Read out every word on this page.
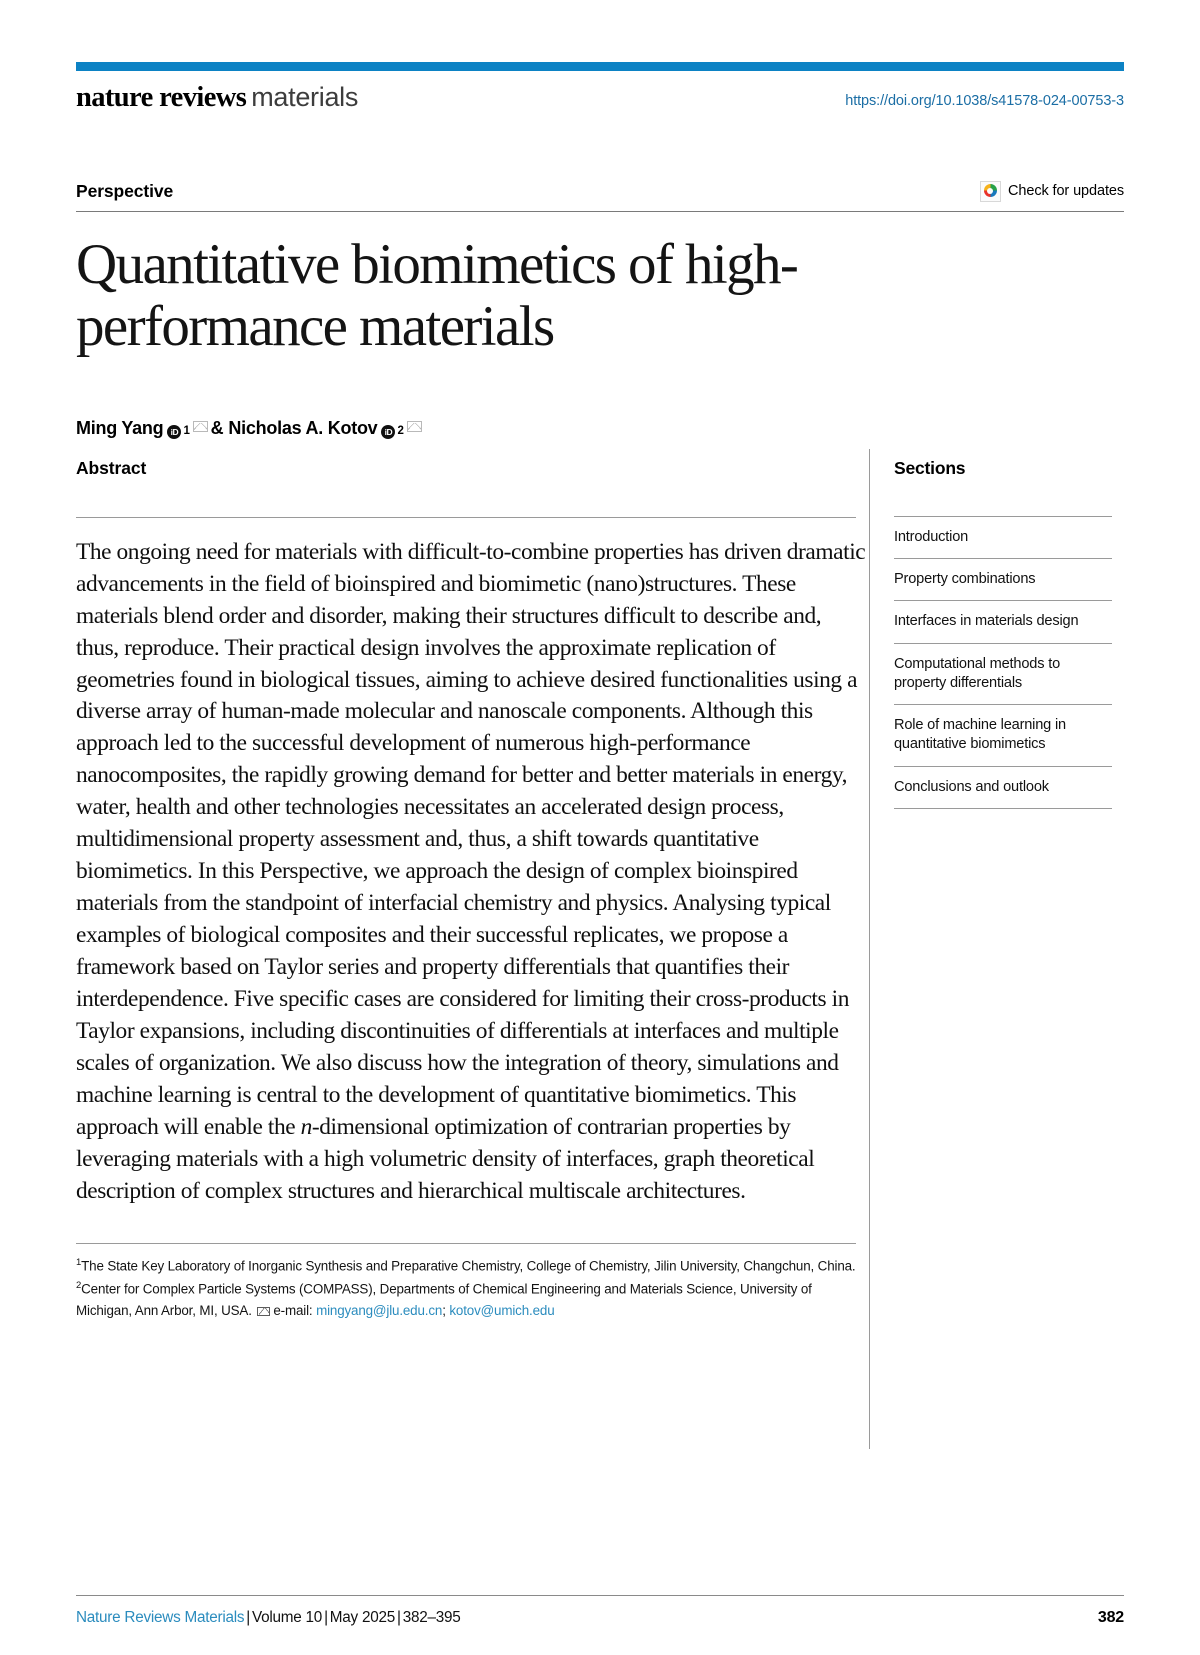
nature reviews materials	https://doi.org/10.1038/s41578-024-00753-3
Perspective	Check for updates
Quantitative biomimetics of high-performance materials
Ming Yang iD 1 & Nicholas A. Kotov iD 2
Abstract
The ongoing need for materials with difficult-to-combine properties has driven dramatic advancements in the field of bioinspired and biomimetic (nano)structures. These materials blend order and disorder, making their structures difficult to describe and, thus, reproduce. Their practical design involves the approximate replication of geometries found in biological tissues, aiming to achieve desired functionalities using a diverse array of human-made molecular and nanoscale components. Although this approach led to the successful development of numerous high-performance nanocomposites, the rapidly growing demand for better and better materials in energy, water, health and other technologies necessitates an accelerated design process, multidimensional property assessment and, thus, a shift towards quantitative biomimetics. In this Perspective, we approach the design of complex bioinspired materials from the standpoint of interfacial chemistry and physics. Analysing typical examples of biological composites and their successful replicates, we propose a framework based on Taylor series and property differentials that quantifies their interdependence. Five specific cases are considered for limiting their cross-products in Taylor expansions, including discontinuities of differentials at interfaces and multiple scales of organization. We also discuss how the integration of theory, simulations and machine learning is central to the development of quantitative biomimetics. This approach will enable the n-dimensional optimization of contrarian properties by leveraging materials with a high volumetric density of interfaces, graph theoretical description of complex structures and hierarchical multiscale architectures.
$^1$The State Key Laboratory of Inorganic Synthesis and Preparative Chemistry, College of Chemistry, Jilin University, Changchun, China. $^2$Center for Complex Particle Systems (COMPASS), Departments of Chemical Engineering and Materials Science, University of Michigan, Ann Arbor, MI, USA. e-mail: mingyang@jlu.edu.cn; kotov@umich.edu
Sections
Introduction
Property combinations
Interfaces in materials design
Computational methods to property differentials
Role of machine learning in quantitative biomimetics
Conclusions and outlook
Nature Reviews Materials | Volume 10 | May 2025 | 382–395	382
